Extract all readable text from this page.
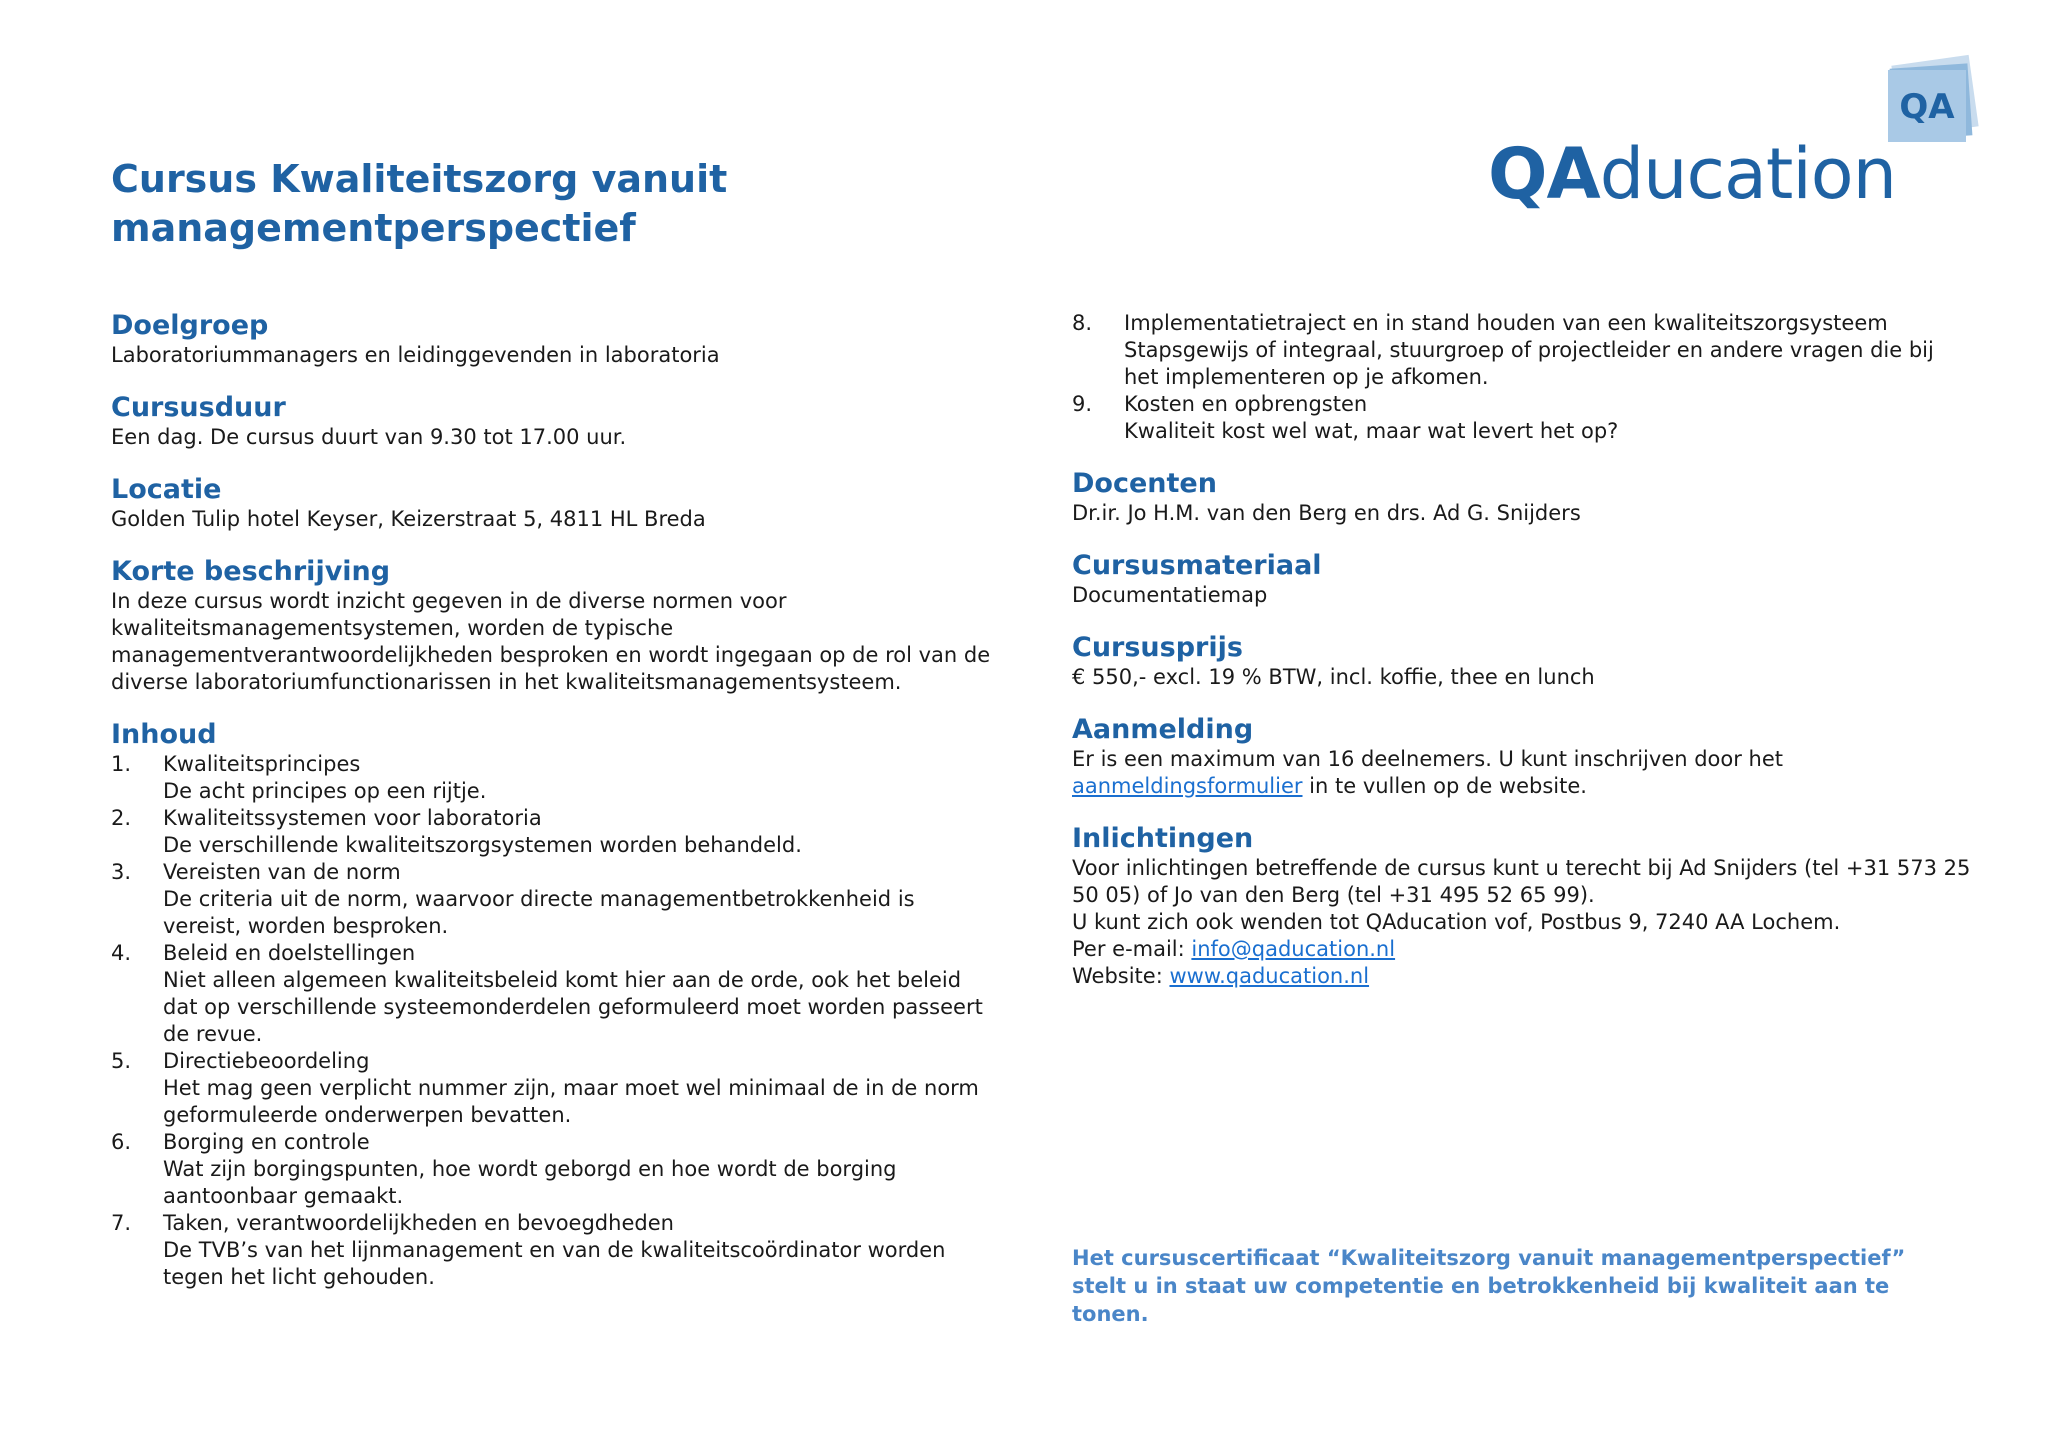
Cursus Kwaliteitszorg vanuit managementperspectief
QA
QAducation
Doelgroep

Laboratoriummanagers en leidinggevenden in laboratoria

Cursusduur

Een dag. De cursus duurt van 9.30 tot 17.00 uur.

Locatie

Golden Tulip hotel Keyser, Keizerstraat 5, 4811 HL Breda

Korte beschrijving

In deze cursus wordt inzicht gegeven in de diverse normen voor kwaliteitsmanagementsystemen, worden de typische managementverantwoordelijkheden besproken en wordt ingegaan op de rol van de diverse laboratoriumfunctionarissen in het kwaliteitsmanagementsysteem.

Inhoud
1.	Kwaliteitsprincipes
De acht principes op een rijtje.
2.	Kwaliteitssystemen voor laboratoria
De verschillende kwaliteitszorgsystemen worden behandeld.
3.	Vereisten van de norm
De criteria uit de norm, waarvoor directe managementbetrokkenheid is vereist, worden besproken.
4.	Beleid en doelstellingen
Niet alleen algemeen kwaliteitsbeleid komt hier aan de orde, ook het beleid dat op verschillende systeemonderdelen geformuleerd moet worden passeert de revue.
5.	Directiebeoordeling
Het mag geen verplicht nummer zijn, maar moet wel minimaal de in de norm geformuleerde onderwerpen bevatten.
6.	Borging en controle
Wat zijn borgingspunten, hoe wordt geborgd en hoe wordt de borging aantoonbaar gemaakt.
7.	Taken, verantwoordelijkheden en bevoegdheden
De TVB’s van het lijnmanagement en van de kwaliteitscoördinator worden tegen het licht gehouden.
8.	Implementatietraject en in stand houden van een kwaliteitszorgsysteem
Stapsgewijs of integraal, stuurgroep of projectleider en andere vragen die bij het implementeren op je afkomen.
9.	Kosten en opbrengsten
Kwaliteit kost wel wat, maar wat levert het op?
Docenten

Dr.ir. Jo H.M. van den Berg en drs. Ad G. Snijders

Cursusmateriaal

Documentatiemap

Cursusprijs

€ 550,- excl. 19 % BTW, incl. koffie, thee en lunch

Aanmelding

Er is een maximum van 16 deelnemers. U kunt inschrijven door het aanmeldingsformulier in te vullen op de website.

Inlichtingen

Voor inlichtingen betreffende de cursus kunt u terecht bij Ad Snijders (tel +31 573 25 50 05) of Jo van den Berg (tel +31 495 52 65 99).

U kunt zich ook wenden tot QAducation vof, Postbus 9, 7240 AA Lochem.

Per e-mail: info@qaducation.nl

Website: www.qaducation.nl

Het cursuscertificaat “Kwaliteitszorg vanuit managementperspectief” stelt u in staat uw competentie en betrokkenheid bij kwaliteit aan te tonen.
